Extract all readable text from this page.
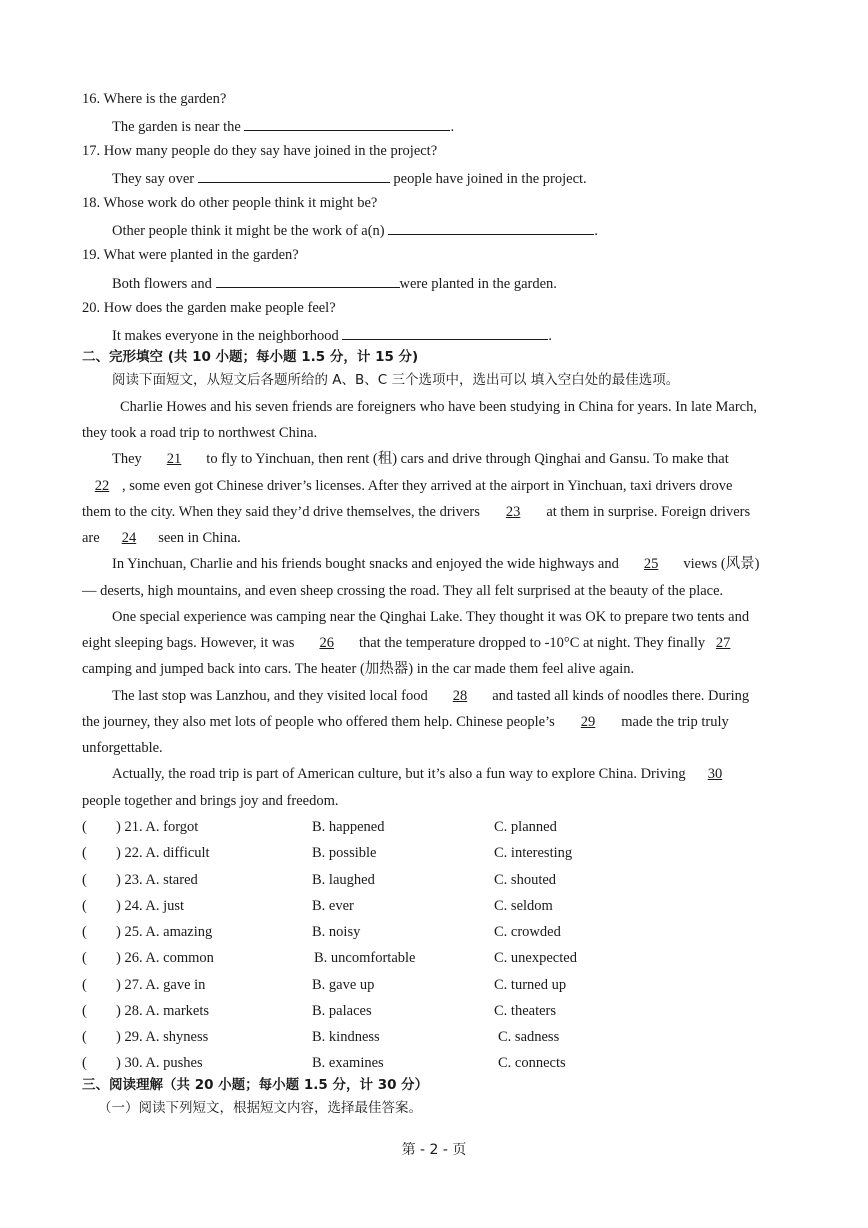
16. Where is the garden?
The garden is near the	.
17. How many people do they say have joined in the project?
They say over	people have joined in the project.
18. Whose work do other people think it might be?
Other people think it might be the work of a(n)	.
19. What were planted in the garden?
Both flowers and	were planted in the garden.
20. How does the garden make people feel?
It makes everyone in the neighborhood	.
二、完形填空 (共 10 小题；每小题 1.5 分，计 15 分)
阅读下面短文，从短文后各题所给的 A、B、C 三个选项中，选出可以 填入空白处的最佳选项。
Charlie Howes and his seven friends are foreigners who have been studying in China for years. In late March,
they took a road trip to northwest China.
They 21 to fly to Yinchuan, then rent (租) cars and drive through Qinghai and Gansu. To make that
22 , some even got Chinese driver’s licenses. After they arrived at the airport in Yinchuan, taxi drivers drove
them to the city. When they said they’d drive themselves, the drivers 23 at them in surprise. Foreign drivers
are 24 seen in China.
In Yinchuan, Charlie and his friends bought snacks and enjoyed the wide highways and 25 views (风景)
— deserts, high mountains, and even sheep crossing the road. They all felt surprised at the beauty of the place.
One special experience was camping near the Qinghai Lake. They thought it was OK to prepare two tents and
eight sleeping bags. However, it was 26 that the temperature dropped to -10°C at night. They finally 27
camping and jumped back into cars. The heater (加热器) in the car made them feel alive again.
The last stop was Lanzhou, and they visited local food 28 and tasted all kinds of noodles there. During
the journey, they also met lots of people who offered them help. Chinese people’s 29 made the trip truly
unforgettable.
Actually, the road trip is part of American culture, but it’s also a fun way to explore China. Driving 30
people together and brings joy and freedom.
( ) 21. A. forgot	B. happened	C. planned
( ) 22. A. difficult	B. possible	C. interesting
( ) 23. A. stared	B. laughed	C. shouted
( ) 24. A. just	B. ever	C. seldom
( ) 25. A. amazing	B. noisy	C. crowded
( ) 26. A. common	B. uncomfortable	C. unexpected
( ) 27. A. gave in	B. gave up	C. turned up
( ) 28. A. markets	B. palaces	C. theaters
( ) 29. A. shyness	B. kindness	C. sadness
( ) 30. A. pushes	B. examines	C. connects
三、阅读理解（共 20 小题；每小题 1.5 分，计 30 分）
（一）阅读下列短文，根据短文内容，选择最佳答案。
第 - 2 - 页
